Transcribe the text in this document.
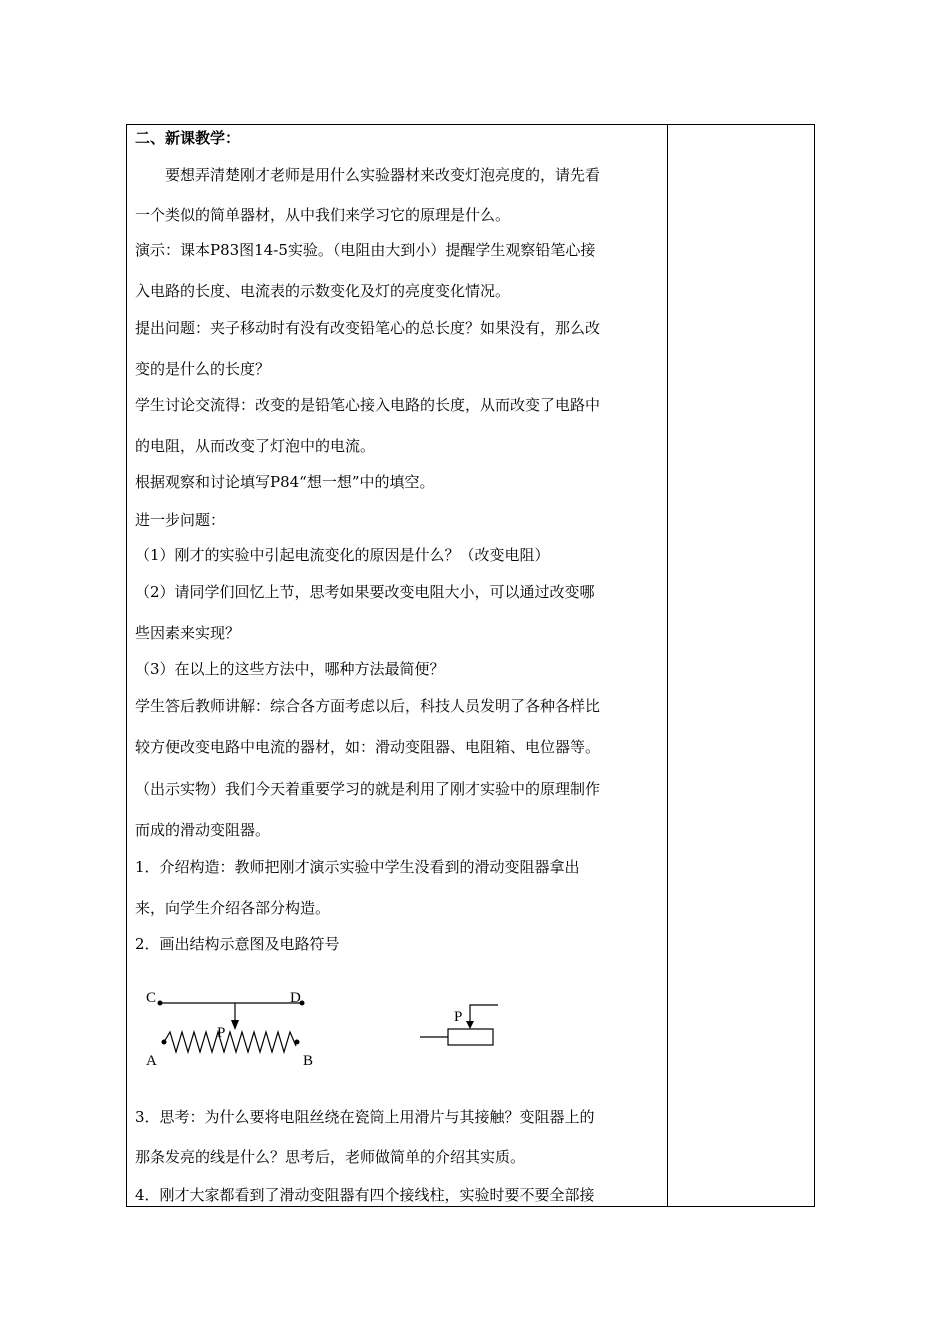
二、新课教学：
要想弄清楚刚才老师是用什么实验器材来改变灯泡亮度的，请先看
一个类似的简单器材，从中我们来学习它的原理是什么。
演示：课本P83图14-5实验。（电阻由大到小）提醒学生观察铅笔心接
入电路的长度、电流表的示数变化及灯的亮度变化情况。
提出问题：夹子移动时有没有改变铅笔心的总长度？如果没有，那么改
变的是什么的长度？
学生讨论交流得：改变的是铅笔心接入电路的长度，从而改变了电路中
的电阻，从而改变了灯泡中的电流。
根据观察和讨论填写P84“想一想”中的填空。
进一步问题：
（1）刚才的实验中引起电流变化的原因是什么？（改变电阻）
（2）请同学们回忆上节，思考如果要改变电阻大小，可以通过改变哪
些因素来实现？
（3）在以上的这些方法中，哪种方法最简便？
学生答后教师讲解：综合各方面考虑以后，科技人员发明了各种各样比
较方便改变电路中电流的器材，如：滑动变阻器、电阻箱、电位器等。
（出示实物）我们今天着重要学习的就是利用了刚才实验中的原理制作
而成的滑动变阻器。
1．介绍构造：教师把刚才演示实验中学生没看到的滑动变阻器拿出
来，向学生介绍各部分构造。
2．画出结构示意图及电路符号
3．思考：为什么要将电阻丝绕在瓷筒上用滑片与其接触？变阻器上的
那条发亮的线是什么？思考后，老师做简单的介绍其实质。
4．刚才大家都看到了滑动变阻器有四个接线柱，实验时要不要全部接
C	D
P
A	B
P
